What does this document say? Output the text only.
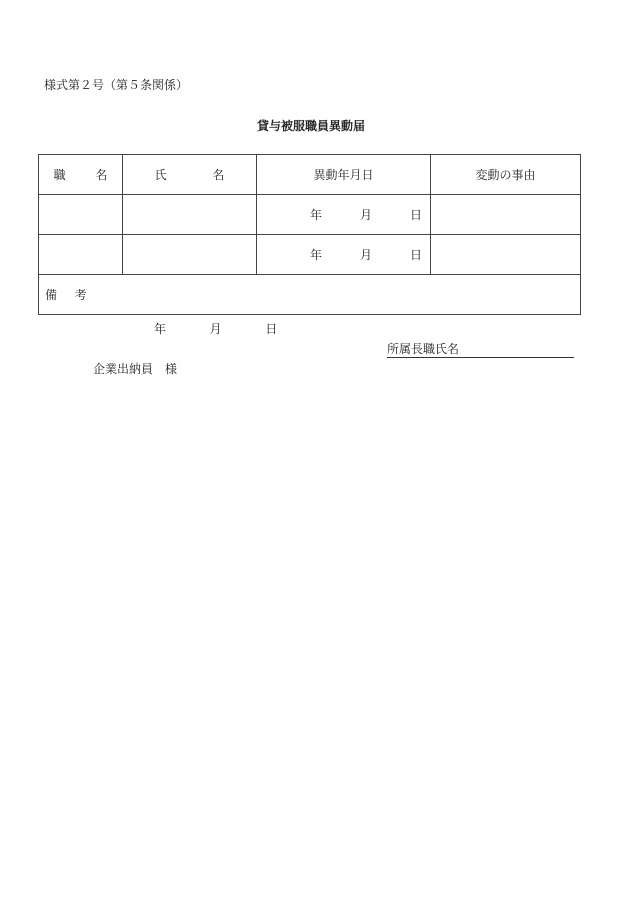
様式第２号（第５条関係）
貸与被服職員異動届
職 名	氏 名	異動年月日	変動の事由

		年 月 日	

		年 月 日	

備 考			
年	月	日
所属長職氏名
企業出納員　様
